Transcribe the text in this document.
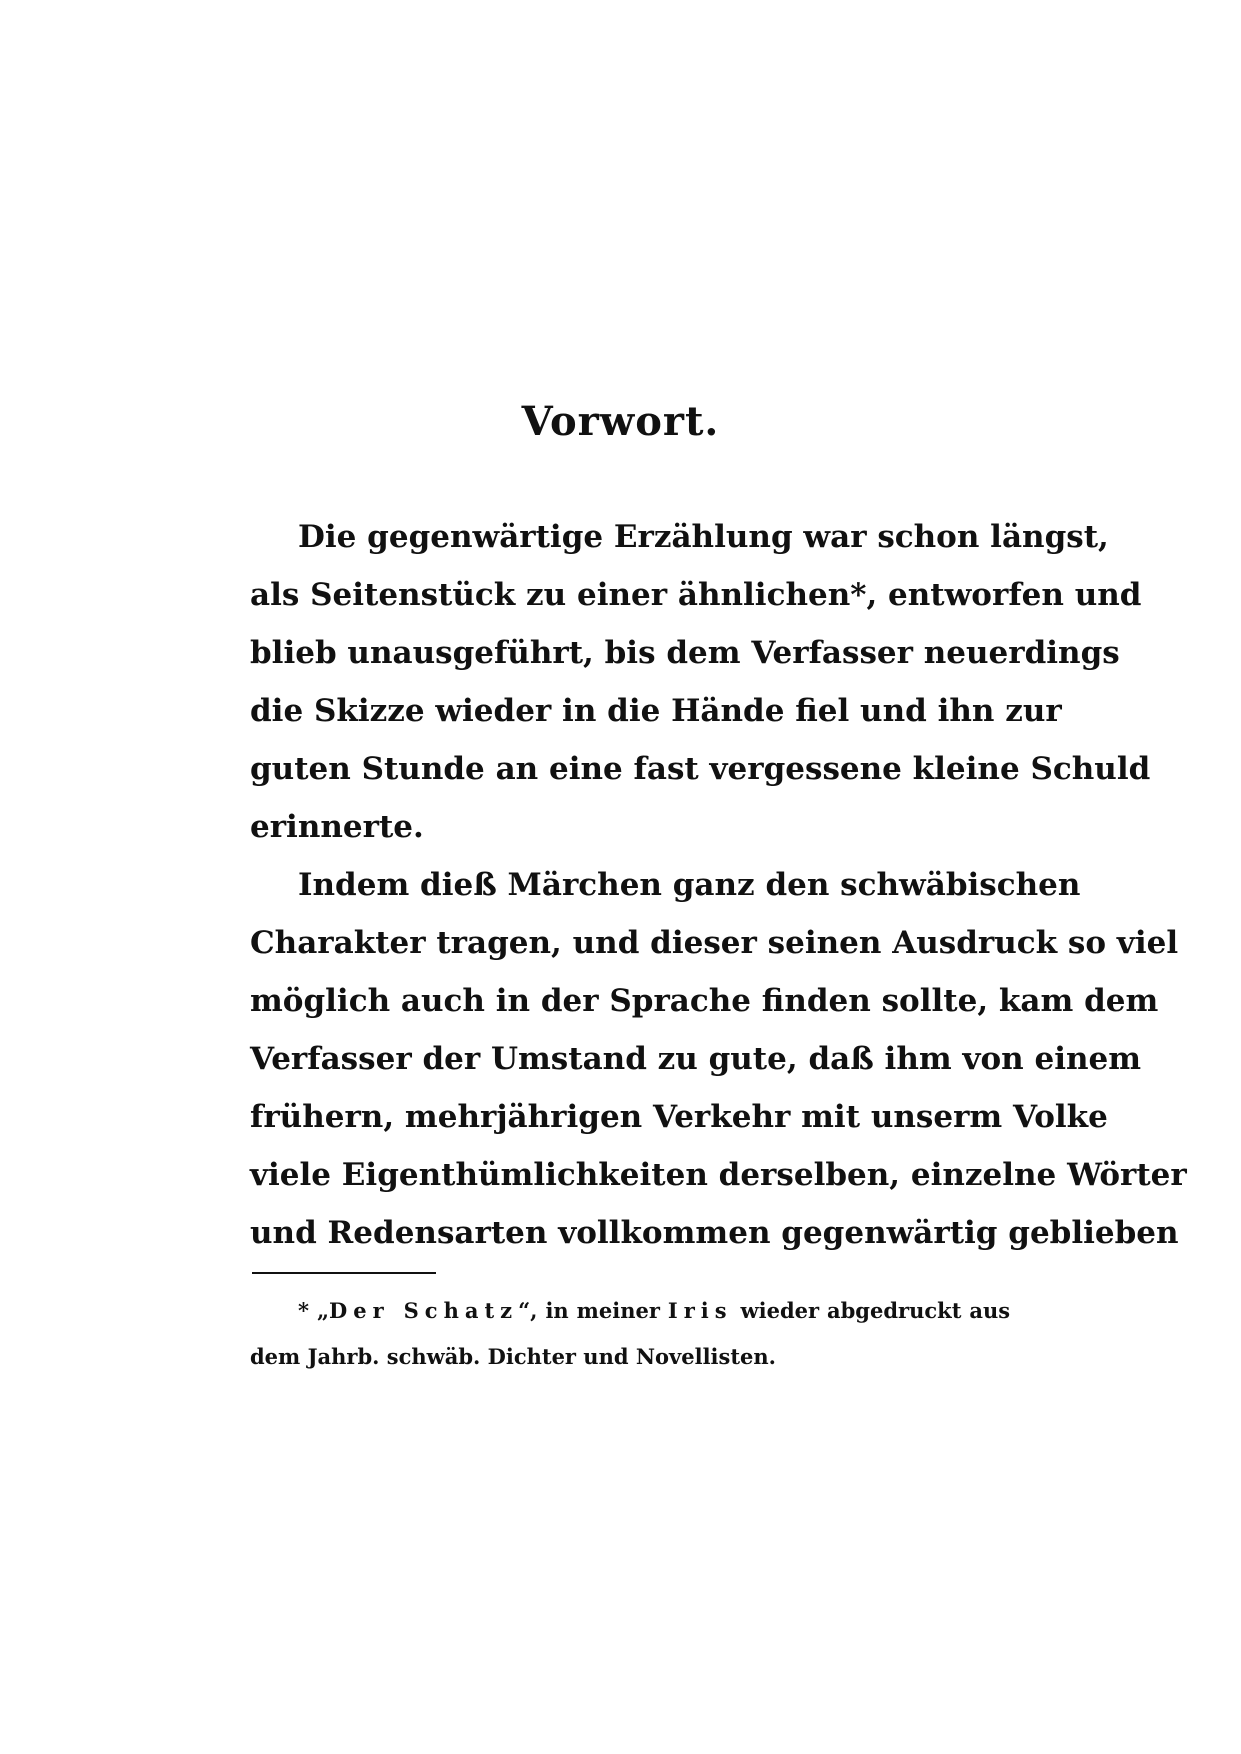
Vorwort.
Die gegenwärtige Erzählung war schon längst,
als Seitenstück zu einer ähnlichen*, entworfen und
blieb unausgeführt, bis dem Verfasser neuerdings
die Skizze wieder in die Hände fiel und ihn zur
guten Stunde an eine fast vergessene kleine Schuld
erinnerte.
Indem dieß Märchen ganz den schwäbischen
Charakter tragen, und dieser seinen Ausdruck so viel
möglich auch in der Sprache finden sollte, kam dem
Verfasser der Umstand zu gute, daß ihm von einem
frühern, mehrjährigen Verkehr mit unserm Volke
viele Eigenthümlichkeiten derselben, einzelne Wörter
und Redensarten vollkommen gegenwärtig geblieben
* „Der Schatz“, in meiner Iris wieder abgedruckt aus
dem Jahrb. schwäb. Dichter und Novellisten.
